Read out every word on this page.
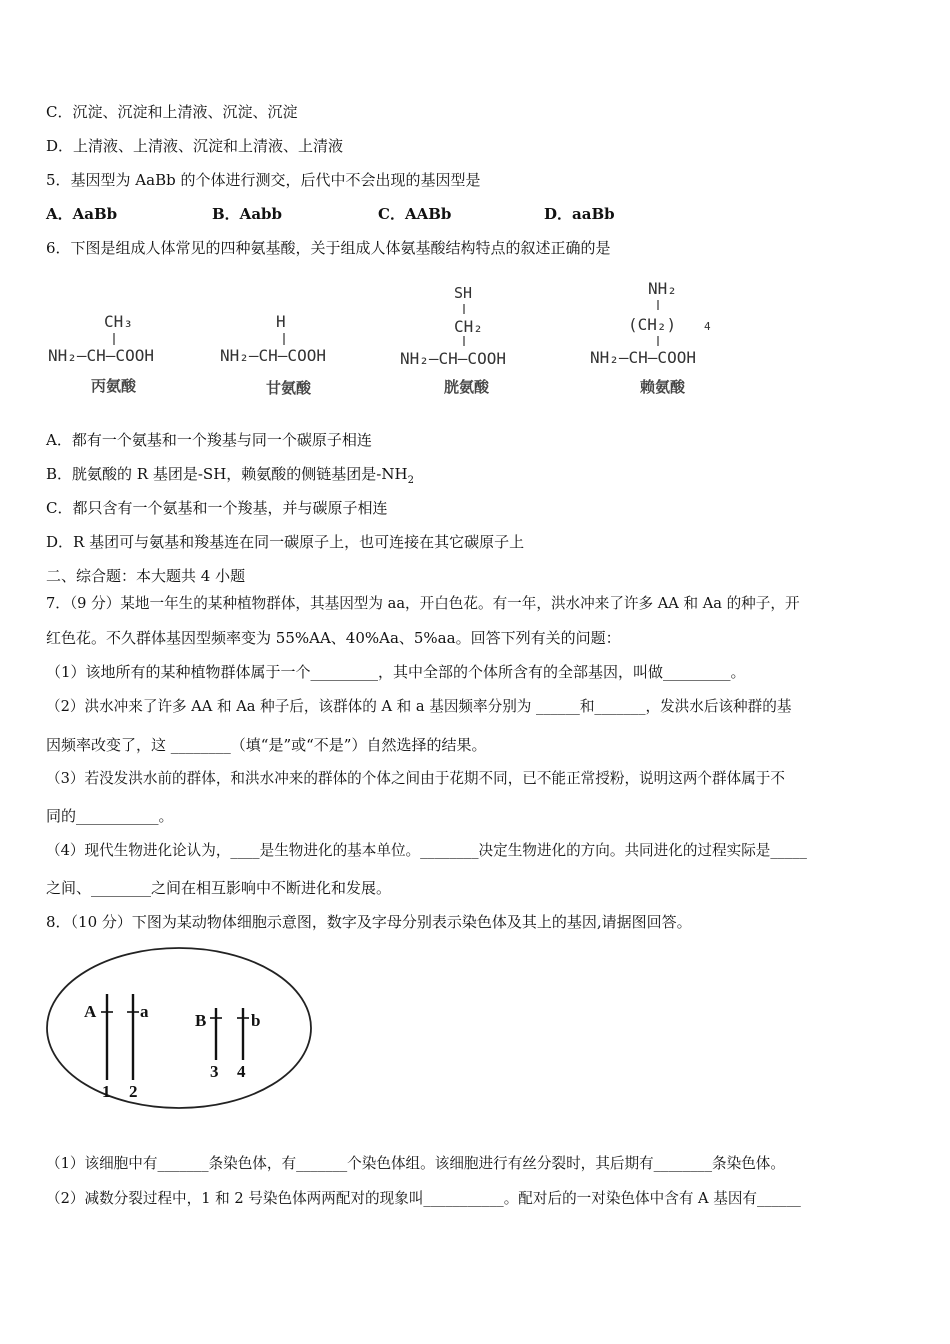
C．沉淀、沉淀和上清液、沉淀、沉淀
D．上清液、上清液、沉淀和上清液、上清液
5．基因型为 AaBb 的个体进行测交，后代中不会出现的基因型是
A．AaBb	B．Aabb	C．AABb	D．aaBb
6．下图是组成人体常见的四种氨基酸，关于组成人体氨基酸结构特点的叙述正确的是
CH₃
NH₂—CH—COOH
丙氨酸
H
NH₂—CH—COOH
甘氨酸
SH
CH₂
NH₂—CH—COOH
胱氨酸
NH₂
(CH₂)	4
NH₂—CH—COOH
赖氨酸
A．都有一个氨基和一个羧基与同一个碳原子相连
B．胱氨酸的 R 基团是-SH，赖氨酸的侧链基团是$-NH_2$
C．都只含有一个氨基和一个羧基，并与碳原子相连
D．R 基团可与氨基和羧基连在同一碳原子上，也可连接在其它碳原子上
二、综合题：本大题共 4 小题
7．（9 分）某地一年生的某种植物群体，其基因型为 aa，开白色花。有一年，洪水冲来了许多 AA 和 Aa 的种子，开
红色花。不久群体基因型频率变为 55%AA、40%Aa、5%aa。回答下列有关的问题：
（1）该地所有的某种植物群体属于一个_________，其中全部的个体所含有的全部基因，叫做_________。
（2）洪水冲来了许多 AA 和 Aa 种子后，该群体的 A 和 a 基因频率分别为 ______和_______，发洪水后该种群的基
因频率改变了，这 ________（填“是”或“不是”）自然选择的结果。
（3）若没发洪水前的群体，和洪水冲来的群体的个体之间由于花期不同，已不能正常授粉，说明这两个群体属于不
同的___________。
（4）现代生物进化论认为，____是生物进化的基本单位。________决定生物进化的方向。共同进化的过程实际是_____
之间、________之间在相互影响中不断进化和发展。
8．（10 分）下图为某动物体细胞示意图，数字及字母分别表示染色体及其上的基因,请据图回答。
A	a	B	b
1 2
3 4
（1）该细胞中有_______条染色体，有_______个染色体组。该细胞进行有丝分裂时，其后期有________条染色体。
（2）减数分裂过程中，1 和 2 号染色体两两配对的现象叫___________。配对后的一对染色体中含有 A 基因有______
